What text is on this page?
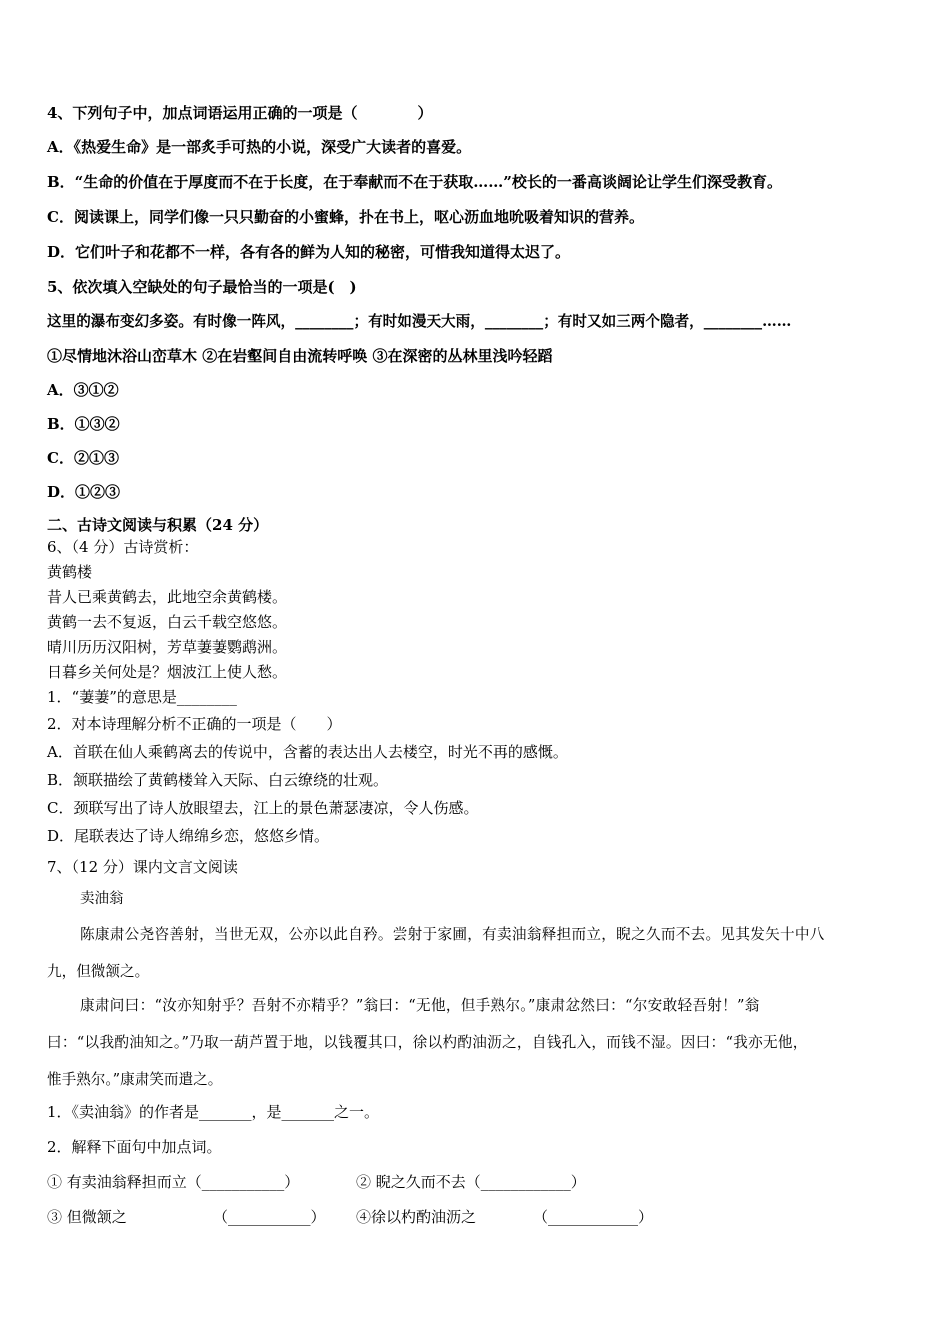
4、下列句子中，加点词语运用正确的一项是（　　　　）
A．《热爱生命》是一部炙手可热的小说，深受广大读者的喜爱。
B．“生命的价值在于厚度而不在于长度，在于奉献而不在于获取……”校长的一番高谈阔论让学生们深受教育。
C．阅读课上，同学们像一只只勤奋的小蜜蜂，扑在书上，呕心沥血地吮吸着知识的营养。
D．它们叶子和花都不一样，各有各的鲜为人知的秘密，可惜我知道得太迟了。
5、依次填入空缺处的句子最恰当的一项是(　)
这里的瀑布变幻多姿。有时像一阵风，________；有时如漫天大雨，________；有时又如三两个隐者，________……
①尽情地沐浴山峦草木 ②在岩壑间自由流转呼唤 ③在深密的丛林里浅吟轻蹈
A．③①②
B．①③②
C．②①③
D．①②③
二、古诗文阅读与积累（24 分）
6、（4 分）古诗赏析：
黄鹤楼
昔人已乘黄鹤去，此地空余黄鹤楼。
黄鹤一去不复返，白云千载空悠悠。
晴川历历汉阳树，芳草萋萋鹦鹉洲。
日暮乡关何处是？烟波江上使人愁。
1．“萋萋”的意思是________
2．对本诗理解分析不正确的一项是（　　）
A．首联在仙人乘鹤离去的传说中，含蓄的表达出人去楼空，时光不再的感慨。
B．颔联描绘了黄鹤楼耸入天际、白云缭绕的壮观。
C．颈联写出了诗人放眼望去，江上的景色萧瑟凄凉，令人伤感。
D．尾联表达了诗人绵绵乡恋，悠悠乡情。
7、（12 分）课内文言文阅读
卖油翁
陈康肃公尧咨善射，当世无双，公亦以此自矜。尝射于家圃，有卖油翁释担而立，睨之久而不去。见其发矢十中八
九，但微颔之。
康肃问曰：“汝亦知射乎？吾射不亦精乎？”翁曰：“无他，但手熟尔。”康肃忿然曰：“尔安敢轻吾射！”翁
曰：“以我酌油知之。”乃取一葫芦置于地，以钱覆其口，徐以杓酌油沥之，自钱孔入，而钱不湿。因曰：“我亦无他，
惟手熟尔。”康肃笑而遣之。
1．《卖油翁》的作者是_______，是_______之一。
2．解释下面句中加点词。
① 有卖油翁释担而立（___________）	② 睨之久而不去（____________）
③ 但微颔之	（___________） ④徐以杓酌油沥之	（____________）
